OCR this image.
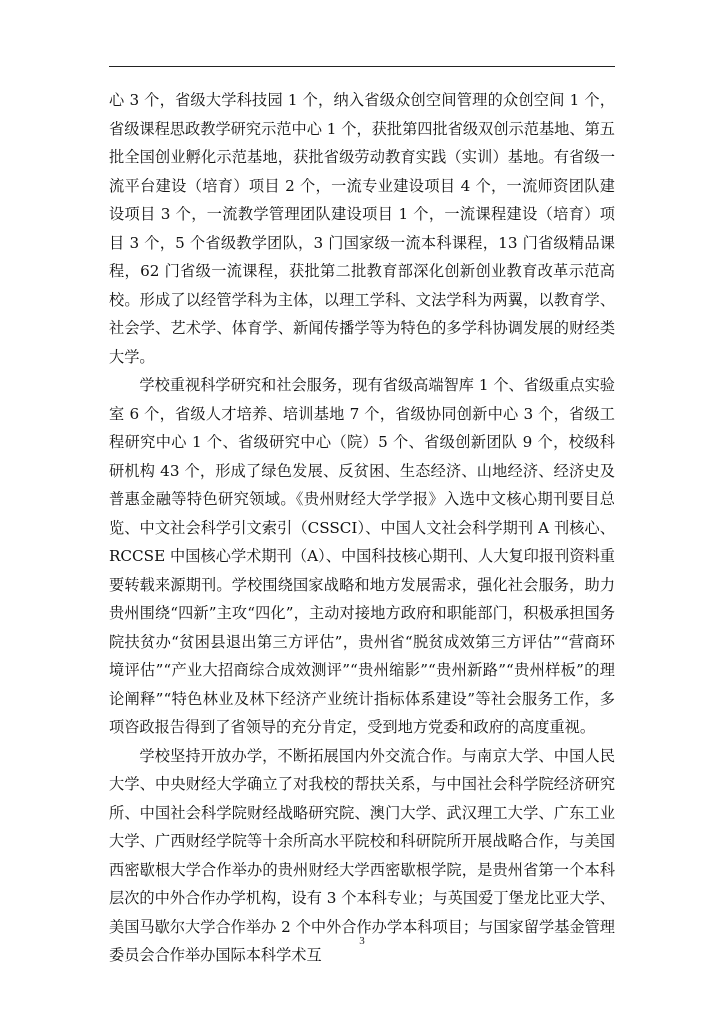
心 3 个，省级大学科技园 1 个，纳入省级众创空间管理的众创空间 1 个，省级课程思政教学研究示范中心 1 个，获批第四批省级双创示范基地、第五批全国创业孵化示范基地，获批省级劳动教育实践（实训）基地。有省级一流平台建设（培育）项目 2 个，一流专业建设项目 4 个，一流师资团队建设项目 3 个，一流教学管理团队建设项目 1 个，一流课程建设（培育）项目 3 个，5 个省级教学团队，3 门国家级一流本科课程，13 门省级精品课程，62 门省级一流课程，获批第二批教育部深化创新创业教育改革示范高校。形成了以经管学科为主体，以理工学科、文法学科为两翼，以教育学、社会学、艺术学、体育学、新闻传播学等为特色的多学科协调发展的财经类大学。

学校重视科学研究和社会服务，现有省级高端智库 1 个、省级重点实验室 6 个，省级人才培养、培训基地 7 个，省级协同创新中心 3 个，省级工程研究中心 1 个、省级研究中心（院）5 个、省级创新团队 9 个，校级科研机构 43 个，形成了绿色发展、反贫困、生态经济、山地经济、经济史及普惠金融等特色研究领域。《贵州财经大学学报》入选中文核心期刊要目总览、中文社会科学引文索引（CSSCI）、中国人文社会科学期刊 A 刊核心、RCCSE 中国核心学术期刊（A）、中国科技核心期刊、人大复印报刊资料重要转载来源期刊。学校围绕国家战略和地方发展需求，强化社会服务，助力贵州围绕“四新”主攻“四化”，主动对接地方政府和职能部门，积极承担国务院扶贫办“贫困县退出第三方评估”，贵州省“脱贫成效第三方评估”“营商环境评估”“产业大招商综合成效测评”“贵州缩影”“贵州新路”“贵州样板”的理论阐释”“特色林业及林下经济产业统计指标体系建设”等社会服务工作，多项咨政报告得到了省领导的充分肯定，受到地方党委和政府的高度重视。

学校坚持开放办学，不断拓展国内外交流合作。与南京大学、中国人民大学、中央财经大学确立了对我校的帮扶关系，与中国社会科学院经济研究所、中国社会科学院财经战略研究院、澳门大学、武汉理工大学、广东工业大学、广西财经学院等十余所高水平院校和科研院所开展战略合作，与美国西密歇根大学合作举办的贵州财经大学西密歇根学院，是贵州省第一个本科层次的中外合作办学机构，设有 3 个本科专业；与英国爱丁堡龙比亚大学、美国马歇尔大学合作举办 2 个中外合作办学本科项目；与国家留学基金管理委员会合作举办国际本科学术互

3
